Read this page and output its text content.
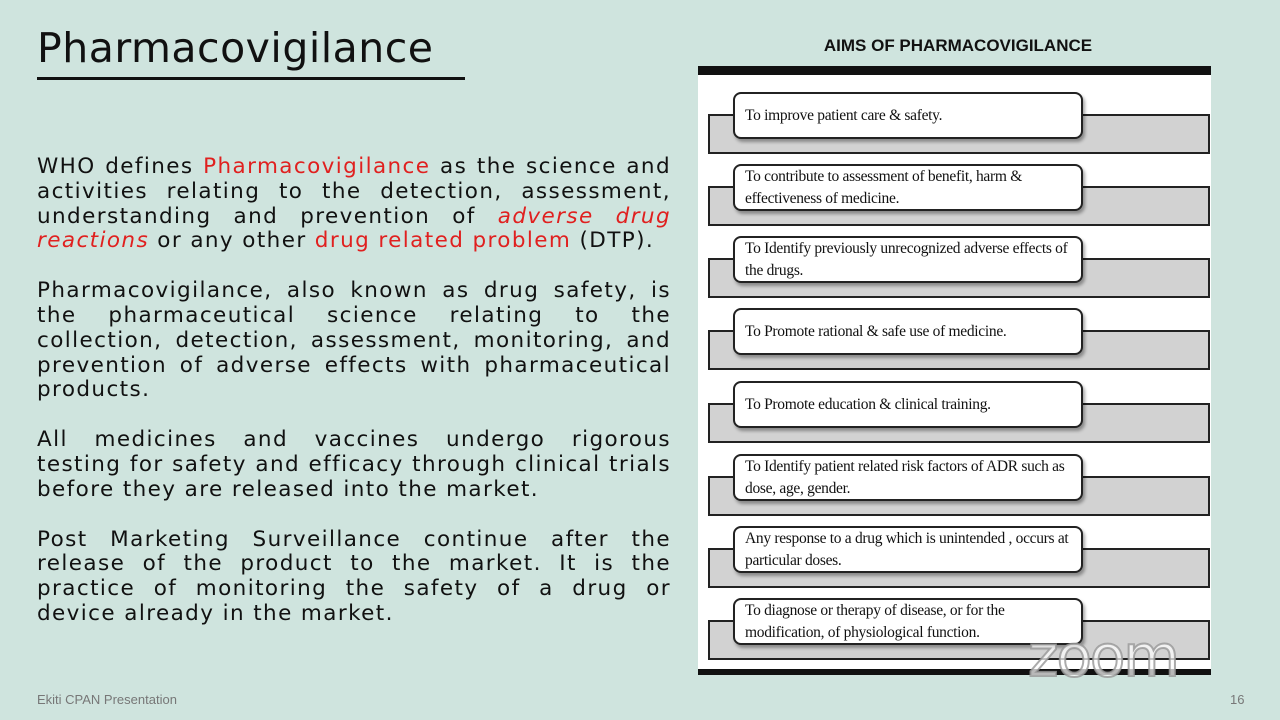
Pharmacovigilance

WHO defines Pharmacovigilance as the science and activities relating to the detection, assessment, understanding and prevention of adverse drug reactions or any other drug related problem (DTP).

Pharmacovigilance, also known as drug safety, is the pharmaceutical science relating to the collection, detection, assessment, monitoring, and prevention of adverse effects with pharmaceutical products.

All medicines and vaccines undergo rigorous testing for safety and efficacy through clinical trials before they are released into the market.

Post Marketing Surveillance continue after the release of the product to the market. It is the practice of monitoring the safety of a drug or device already in the market.

AIMS OF PHARMACOVIGILANCE
To improve patient care & safety.
To contribute to assessment of benefit, harm & effectiveness of medicine.
To Identify previously unrecognized adverse effects of the drugs.
To Promote rational & safe use of medicine.
To Promote education & clinical training.
To Identify patient related risk factors of ADR such as dose, age, gender.
Any response to a drug which is unintended , occurs at particular doses.
To diagnose or therapy of disease, or for the modification, of physiological function. zoom
Ekiti CPAN Presentation	16
